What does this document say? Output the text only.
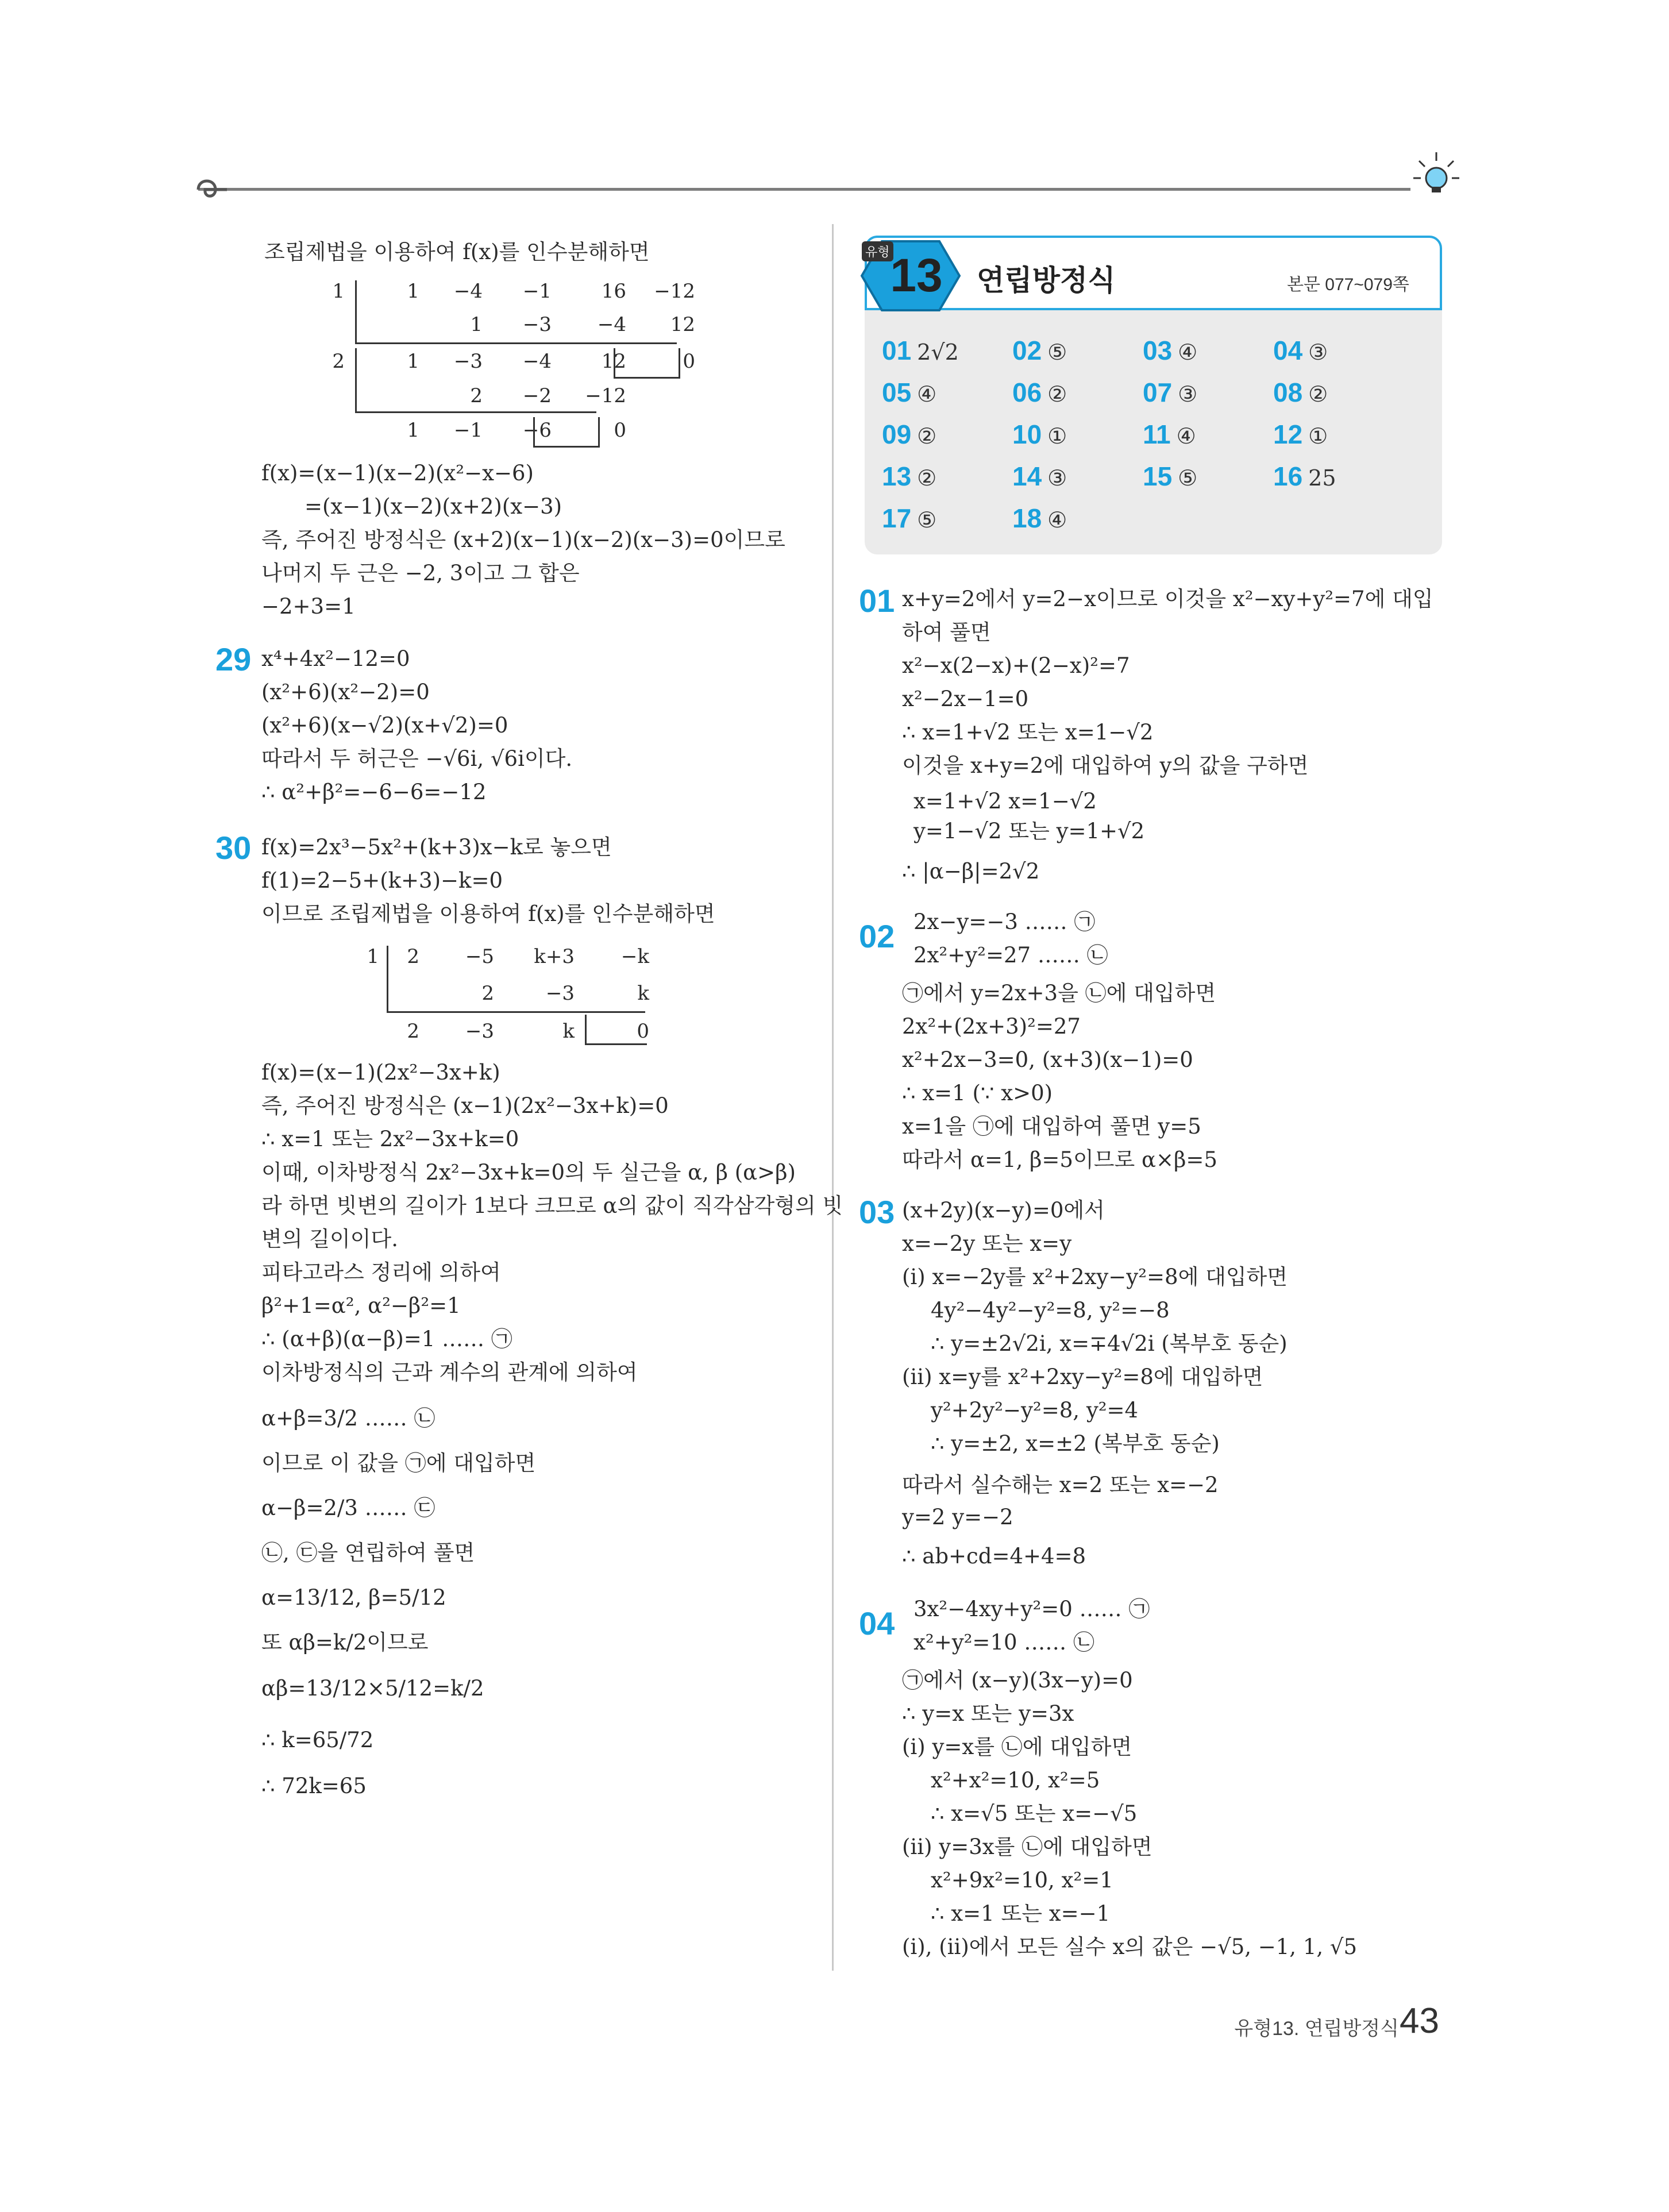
조립제법을 이용하여 f(x)를 인수분해하면
1	1	−4	−1	16	−12
1	−3	−4	12
2	1	−3	−4	12	0
2	−2	−12
1	−1	−6	0
f(x)=(x−1)(x−2)(x²−x−6)
=(x−1)(x−2)(x+2)(x−3)
즉, 주어진 방정식은 (x+2)(x−1)(x−2)(x−3)=0이므로
나머지 두 근은 −2, 3이고 그 합은
−2+3=1
29 x⁴+4x²−12=0
(x²+6)(x²−2)=0
(x²+6)(x−√2)(x+√2)=0
따라서 두 허근은 −√6i, √6i이다.
∴ α²+β²=−6−6=−12
30 f(x)=2x³−5x²+(k+3)x−k로 놓으면
f(1)=2−5+(k+3)−k=0
이므로 조립제법을 이용하여 f(x)를 인수분해하면
1	2	−5	k+3	−k
2	−3	k
2	−3	k	0
f(x)=(x−1)(2x²−3x+k)
즉, 주어진 방정식은 (x−1)(2x²−3x+k)=0
∴ x=1 또는 2x²−3x+k=0
이때, 이차방정식 2x²−3x+k=0의 두 실근을 α, β (α>β)
라 하면 빗변의 길이가 1보다 크므로 α의 값이 직각삼각형의 빗
변의 길이이다.
피타고라스 정리에 의하여
β²+1=α², α²−β²=1
∴ (α+β)(α−β)=1 …… ㉠
이차방정식의 근과 계수의 관계에 의하여
α+β=3/2 …… ㉡
이므로 이 값을 ㉠에 대입하면
α−β=2/3 …… ㉢
㉡, ㉢을 연립하여 풀면
α=13/12, β=5/12
또 αβ=k/2이므로
αβ=13/12×5/12=k/2
∴ k=65/72
∴ 72k=65
유형 13	연립방정식	본문 077~079쪽
01 2√2 02 ⑤	03 ④	04 ③
05 ④	06 ②	07 ③	08 ②
09 ②	10 ①	11 ④	12 ①
13 ②	14 ③	15 ⑤	16 25
17 ⑤	18 ④
01 x+y=2에서 y=2−x이므로 이것을 x²−xy+y²=7에 대입
하여 풀면
x²−x(2−x)+(2−x)²=7
x²−2x−1=0
∴ x=1+√2 또는 x=1−√2
이것을 x+y=2에 대입하여 y의 값을 구하면
x=1+√2 x=1−√2
y=1−√2 또는 y=1+√2
∴ |α−β|=2√2
02 2x−y=−3 …… ㉠
2x²+y²=27 …… ㉡
㉠에서 y=2x+3을 ㉡에 대입하면
2x²+(2x+3)²=27
x²+2x−3=0, (x+3)(x−1)=0
∴ x=1 (∵ x>0)
x=1을 ㉠에 대입하여 풀면 y=5
따라서 α=1, β=5이므로 α×β=5
03 (x+2y)(x−y)=0에서
x=−2y 또는 x=y
(i) x=−2y를 x²+2xy−y²=8에 대입하면
4y²−4y²−y²=8, y²=−8
∴ y=±2√2i, x=∓4√2i (복부호 동순)
(ii) x=y를 x²+2xy−y²=8에 대입하면
y²+2y²−y²=8, y²=4
∴ y=±2, x=±2 (복부호 동순)
따라서 실수해는 x=2 또는 x=−2
y=2 y=−2
∴ ab+cd=4+4=8
04 3x²−4xy+y²=0 …… ㉠
x²+y²=10 …… ㉡
㉠에서 (x−y)(3x−y)=0
∴ y=x 또는 y=3x
(i) y=x를 ㉡에 대입하면
x²+x²=10, x²=5
∴ x=√5 또는 x=−√5
(ii) y=3x를 ㉡에 대입하면
x²+9x²=10, x²=1
∴ x=1 또는 x=−1
(i), (ii)에서 모든 실수 x의 값은 −√5, −1, 1, √5
유형13. 연립방정식 43
